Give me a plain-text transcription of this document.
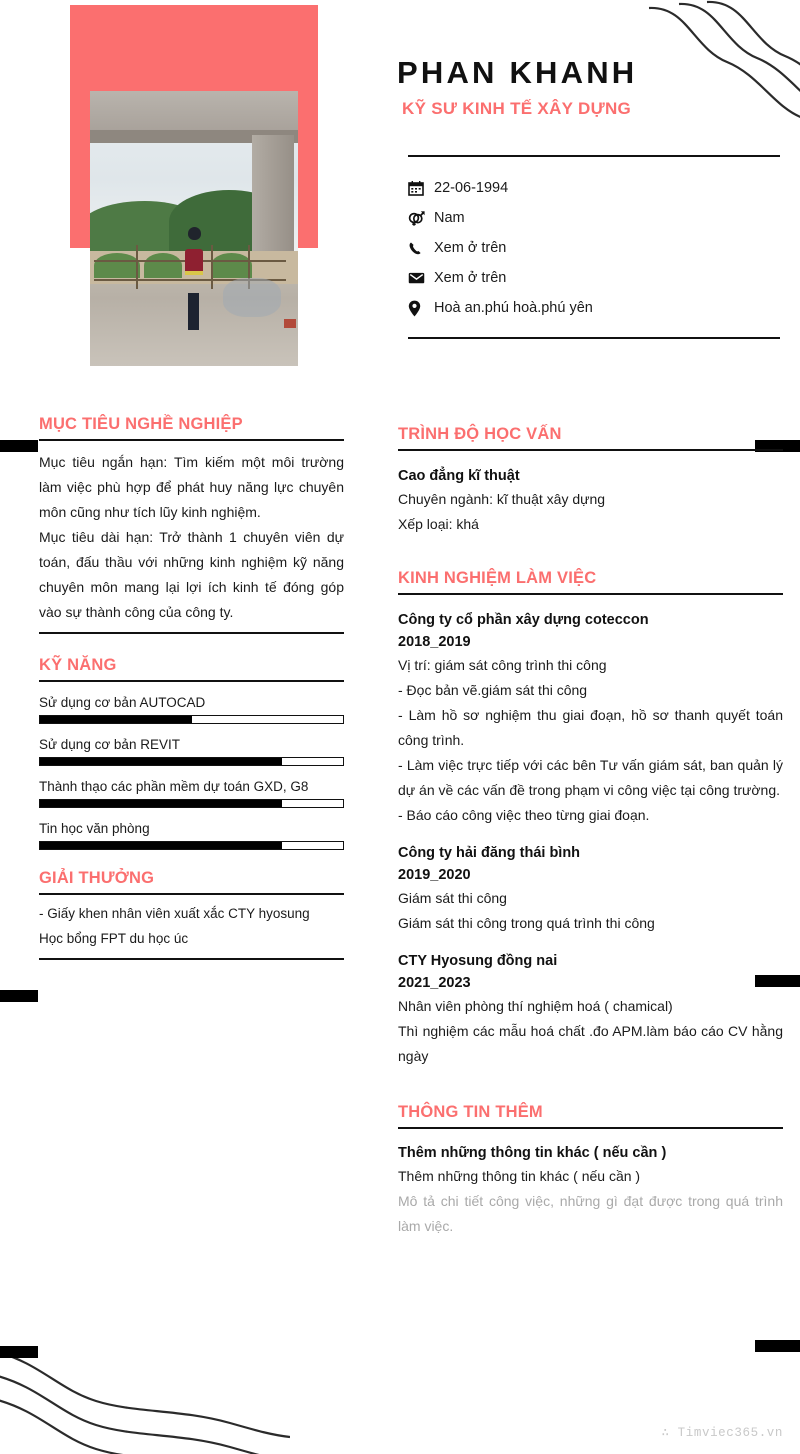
PHAN KHANH
KỸ SƯ KINH TẾ XÂY DỰNG
22-06-1994
Nam
Xem ở trên
Xem ở trên
Hoà an.phú hoà.phú yên
MỤC TIÊU NGHỀ NGHIỆP
Mục tiêu ngắn hạn: Tìm kiếm một môi trường làm việc phù hợp để phát huy năng lực chuyên môn cũng như tích lũy kinh nghiệm.
Mục tiêu dài hạn: Trở thành 1 chuyên viên dự toán, đấu thầu với những kinh nghiệm kỹ năng chuyên môn mang lại lợi ích kinh tế đóng góp vào sự thành công của công ty.
KỸ NĂNG
Sử dụng cơ bản AUTOCAD
Sử dụng cơ bản REVIT
Thành thạo các phần mềm dự toán GXD, G8
Tin học văn phòng
GIẢI THƯỞNG
- Giấy khen nhân viên xuất xắc CTY hyosung
Học bổng FPT du học úc
TRÌNH ĐỘ HỌC VẤN
Cao đẳng kĩ thuật
Chuyên ngành: kĩ thuật xây dựng
Xếp loại: khá
KINH NGHIỆM LÀM VIỆC
Công ty cổ phần xây dựng coteccon
2018_2019
Vị trí: giám sát công trình thi công
- Đọc bản vẽ.giám sát thi công
- Làm hồ sơ nghiệm thu giai đoạn, hồ sơ thanh quyết toán công trình.
- Làm việc trực tiếp với các bên Tư vấn giám sát, ban quản lý dự án về các vấn đề trong phạm vi công việc tại công trường.
- Báo cáo công việc theo từng giai đoạn.
Công ty hải đăng thái bình
2019_2020
Giám sát thi công
Giám sát thi công trong quá trình thi công
CTY Hyosung đồng nai
2021_2023
Nhân viên phòng thí nghiệm hoá ( chamical)
Thì nghiệm các mẫu hoá chất .đo APM.làm báo cáo CV hằng ngày
THÔNG TIN THÊM
Thêm những thông tin khác ( nếu cần )
Thêm những thông tin khác ( nếu cần )
Mô tả chi tiết công việc, những gì đạt được trong quá trình làm việc.
∴ Timviec365.vn
